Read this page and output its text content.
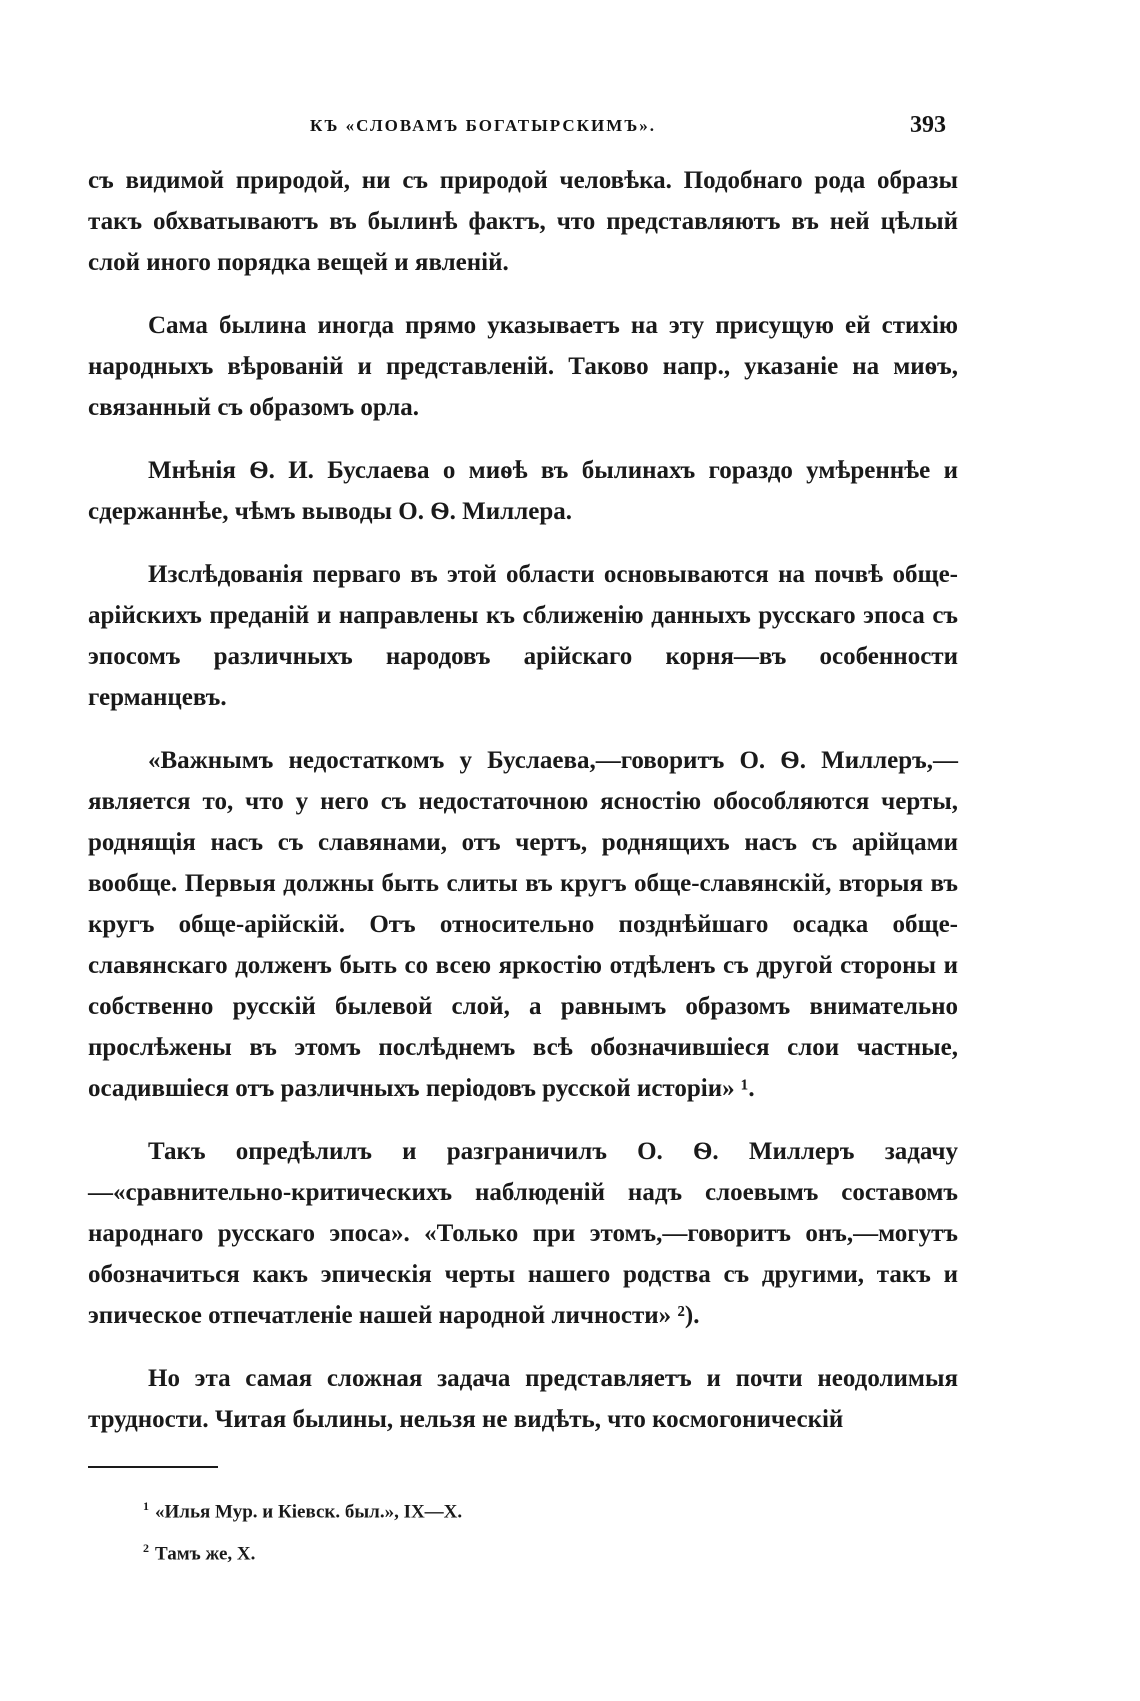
КЪ «СЛОВАМЪ БОГАТЫРСКИМЪ».	393

съ видимой природой, ни съ природой человѣка. Подобнаго рода образы такъ обхватываютъ въ былинѣ фактъ, что представляютъ въ ней цѣлый слой иного порядка вещей и явленій.

Сама былина иногда прямо указываетъ на эту присущую ей стихію народныхъ вѣрованій и представленій. Таково напр., указаніе на миѳъ, связанный съ образомъ орла.

Мнѣнія Ѳ. И. Буслаева о миѳѣ въ былинахъ гораздо умѣреннѣе и сдержаннѣе, чѣмъ выводы О. Ѳ. Миллера.

Изслѣдованія перваго въ этой области основываются на почвѣ обще-арійскихъ преданій и направлены къ сближенію данныхъ русскаго эпоса съ эпосомъ различныхъ народовъ арійскаго корня—въ особенности германцевъ.

«Важнымъ недостаткомъ у Буслаева,—говоритъ О. Ѳ. Миллеръ,— является то, что у него съ недостаточною ясностію обособляются черты, роднящія насъ съ славянами, отъ чертъ, роднящихъ насъ съ арійцами вообще. Первыя должны быть слиты въ кругъ обще-славянскій, вторыя въ кругъ обще-арійскій. Отъ относительно позднѣйшаго осадка обще-славянскаго долженъ быть со всею яркостію отдѣленъ съ другой стороны и собственно русскій былевой слой, а равнымъ образомъ внимательно прослѣжены въ этомъ послѣднемъ всѣ обозначившіеся слои частные, осадившіеся отъ различныхъ періодовъ русской исторіи» ¹.

Такъ опредѣлилъ и разграничилъ О. Ѳ. Миллеръ задачу—«сравнительно-критическихъ наблюденій надъ слоевымъ составомъ народнаго русскаго эпоса». «Только при этомъ,—говоритъ онъ,—могутъ обозначиться какъ эпическія черты нашего родства съ другими, такъ и эпическое отпечатленіе нашей народной личности» ²).

Но эта самая сложная задача представляетъ и почти неодолимыя трудности. Читая былины, нельзя не видѣть, что космогоническій

$^1$ «Илья Мур. и Кіевск. был.», IX—X.
$^2$ Тамъ же, X.
